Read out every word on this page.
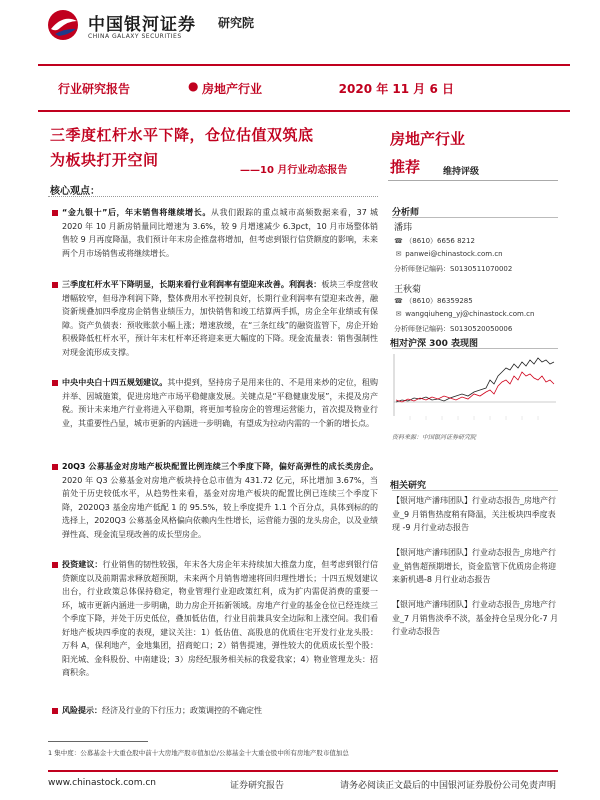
中国银河证券
CHINA GALAXY SECURITIES
研究院
行业研究报告	● 房地产行业	2020 年 11 月 6 日
三季度杠杆水平下降，仓位估值双筑底
为板块打开空间
——10 月行业动态报告
核心观点：
“金九银十”后，年末销售将继续增长。从我们跟踪的重点城市高频数据来看，37 城 2020 年 10 月新房销量同比增速为 3.6%，较 9 月增速减少 6.3pct，10 月市场整体销售较 9 月再度降温，我们预计年末房企推盘将增加，但考虑到银行信贷额度的影响，未来两个月市场销售或将继续增长。
三季度杠杆水平下降明显，长期来看行业利润率有望迎来改善。利润表：板块三季度营收增幅较窄，但母净利润下降，整体费用水平控制良好，长期行业利润率有望迎来改善，融资新规叠加四季度房企销售业绩压力，加快销售和竣工结算两手抓，房企全年业绩或有保障。资产负债表：预收账款小幅上涨；增速放缓，在“三条红线”的融资监管下，房企开始积极降低杠杆水平，预计年末杠杆率还将迎来更大幅度的下降。现金流量表：销售强制性对现金流形成支撑。
中央中央白十四五规划建议。其中提到，坚持房子是用来住的、不是用来炒的定位，租购并举、因城施策，促进房地产市场平稳健康发展。关键点是“平稳健康发展”，未提及房产税。预计未来地产行业将进入平稳期，将更加考验房企的管理运营能力，首次提及物业行业，其重要性凸显，城市更新的内涵进一步明确，有望成为拉动内需的一个新的增长点。
20Q3 公募基金对房地产板块配置比例连续三个季度下降，偏好高弹性的成长类房企。2020 年 Q3 公募基金对房地产板块持仓总市值为 431.72 亿元，环比增加 3.67%，当前处于历史较低水平，从趋势性来看，基金对房地产板块的配置比例已连续三个季度下降，2020Q3 基金房地产低配 1 的 95.5%，较上季度提升 1.1 个百分点，具体到标的的选择上，2020Q3 公募基金风格偏向依赖内生性增长，运营能力强的龙头房企，以及业绩弹性高、现金流呈现改善的成长型房企。
投资建议：行业销售的韧性较强，年末各大房企年末持续加大推盘力度，但考虑到银行信贷额度以及前期需求释放超预期，未来两个月销售增速将回归理性增长；十四五规划建议出台，行业政策总体保持稳定，物业管理行业迎政策红利，成为扩内需促消费的重要一环，城市更新内涵进一步明确，助力房企开拓新领域。房地产行业的基金仓位已经连续三个季度下降，并处于历史低位，叠加低估值，行业目前兼具安全边际和上涨空间。我们看好地产板块四季度的表现，建议关注：1）低估值、高股息的优质住宅开发行业龙头股：万科 A，保利地产，金地集团，招商蛇口；2）销售提速，弹性较大的优质成长型个股：阳光城、金科股份、中南建设；3）房经纪服务相关标的我爱我家；4）物业管理龙头：招商积余。
风险提示：经济及行业的下行压力；政策调控的不确定性
房地产行业
推荐	维持评级
分析师
潘玮
☎ （8610）6656 8212
✉ panwei@chinastock.com.cn
分析师登记编码：S0130511070002
王秋菊
☎ （8610）86359285
✉ wangqiuheng_yj@chinastock.com.cn
分析师登记编码：S0130520050006
相对沪深 300 表现图
资料来源：中国银河证券研究院
相关研究
【银河地产潘玮团队】行业动态报告_房地产行业_9 月销售热度稍有降温，关注板块四季度表现 -9 月行业动态报告
【银河地产潘玮团队】行业动态报告_房地产行业_销售超预期增长，资金监管下优质房企将迎来新机遇-8 月行业动态报告
【银河地产潘玮团队】行业动态报告_房地产行业_7 月销售淡季不淡，基金持仓呈现分化-7 月行业动态报告
1 集中度：公募基金十大重仓股中前十大房地产股市值加总/公募基金十大重仓股中所有房地产股市值加总
www.chinastock.com.cn	证券研究报告	请务必阅读正文最后的中国银河证券股份公司免责声明
